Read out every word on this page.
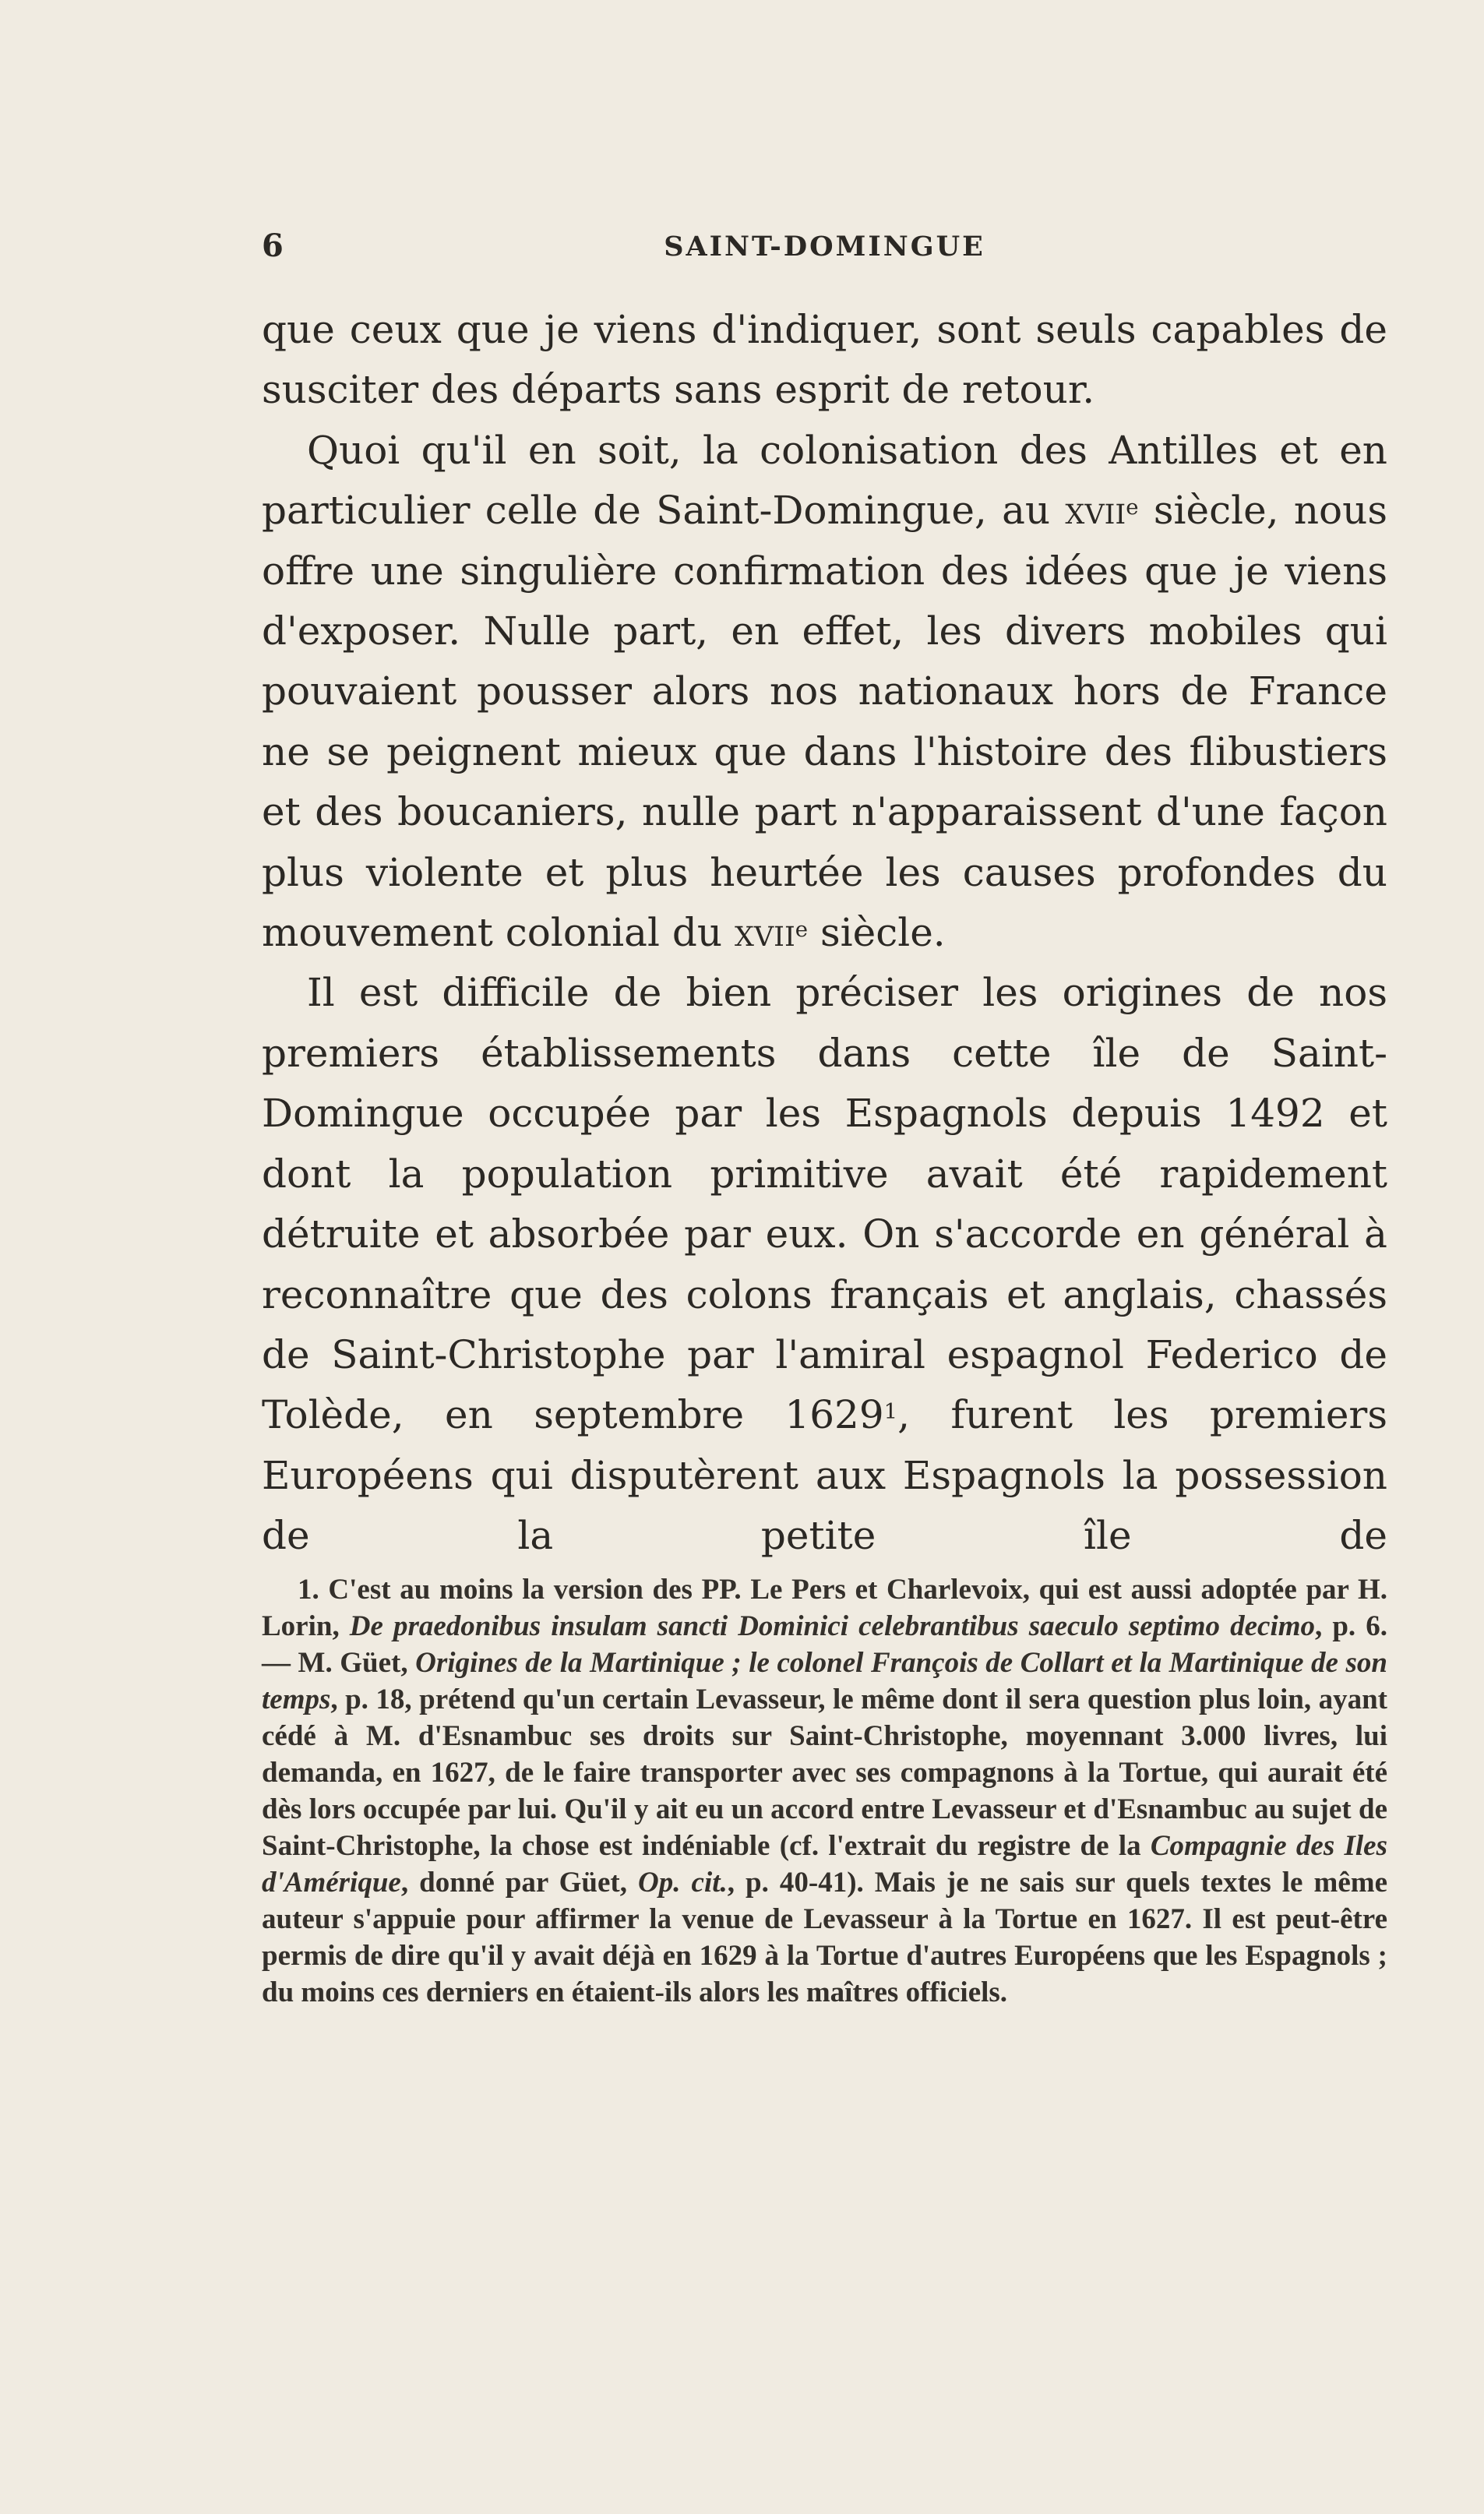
6	SAINT-DOMINGUE

que ceux que je viens d'indiquer, sont seuls capables de susciter des départs sans esprit de retour.

Quoi qu'il en soit, la colonisation des Antilles et en particulier celle de Saint-Domingue, au xvii$^e$ siècle, nous offre une singulière confirmation des idées que je viens d'exposer. Nulle part, en effet, les divers mobiles qui pouvaient pousser alors nos nationaux hors de France ne se peignent mieux que dans l'histoire des flibustiers et des boucaniers, nulle part n'apparaissent d'une façon plus violente et plus heurtée les causes profondes du mouvement colonial du xvii$^e$ siècle.

Il est difficile de bien préciser les origines de nos premiers établissements dans cette île de Saint-Domingue occupée par les Espagnols depuis 1492 et dont la population primitive avait été rapidement détruite et absorbée par eux. On s'accorde en général à reconnaître que des colons français et anglais, chassés de Saint-Christophe par l'amiral espagnol Federico de Tolède, en septembre 1629$^1$, furent les premiers Européens qui disputèrent aux Espagnols la possession de la petite île de

1. C'est au moins la version des PP. Le Pers et Charlevoix, qui est aussi adoptée par H. Lorin, De praedonibus insulam sancti Dominici celebrantibus saeculo septimo decimo, p. 6. — M. Güet, Origines de la Martinique ; le colonel François de Collart et la Martinique de son temps, p. 18, prétend qu'un certain Levasseur, le même dont il sera question plus loin, ayant cédé à M. d'Esnambuc ses droits sur Saint-Christophe, moyennant 3.000 livres, lui demanda, en 1627, de le faire transporter avec ses compagnons à la Tortue, qui aurait été dès lors occupée par lui. Qu'il y ait eu un accord entre Levasseur et d'Esnambuc au sujet de Saint-Christophe, la chose est indéniable (cf. l'extrait du registre de la Compagnie des Iles d'Amérique, donné par Güet, Op. cit., p. 40-41). Mais je ne sais sur quels textes le même auteur s'appuie pour affirmer la venue de Levasseur à la Tortue en 1627. Il est peut-être permis de dire qu'il y avait déjà en 1629 à la Tortue d'autres Européens que les Espagnols ; du moins ces derniers en étaient-ils alors les maîtres officiels.
